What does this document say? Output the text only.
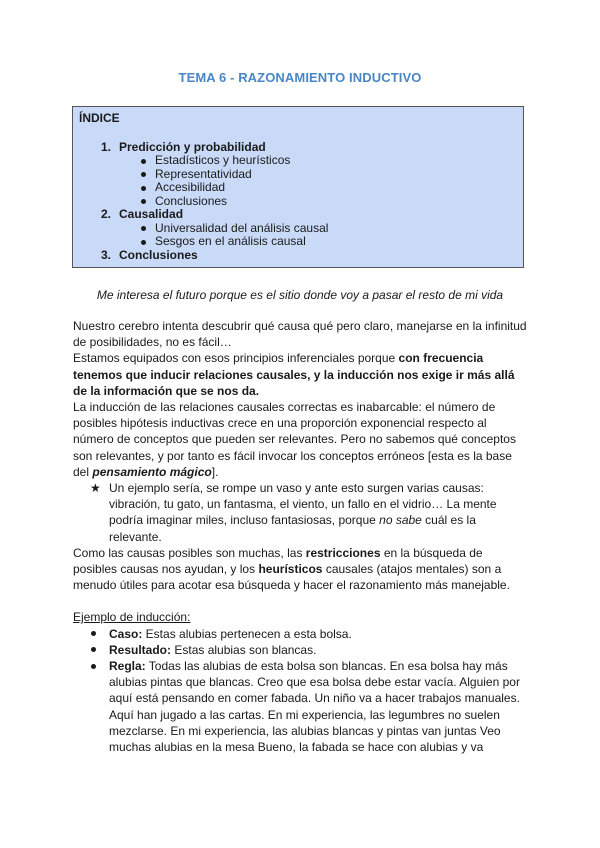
TEMA 6 - RAZONAMIENTO INDUCTIVO
ÍNDICE
1. Predicción y probabilidad
Estadísticos y heurísticos
Representatividad
Accesibilidad
Conclusiones
2. Causalidad
Universalidad del análisis causal
Sesgos en el análisis causal
3. Conclusiones
Me interesa el futuro porque es el sitio donde voy a pasar el resto de mi vida

Nuestro cerebro intenta descubrir qué causa qué pero claro, manejarse en la infinitud de posibilidades, no es fácil…

Estamos equipados con esos principios inferenciales porque con frecuencia tenemos que inducir relaciones causales, y la inducción nos exige ir más allá de la información que se nos da.

La inducción de las relaciones causales correctas es inabarcable: el número de posibles hipótesis inductivas crece en una proporción exponencial respecto al número de conceptos que pueden ser relevantes. Pero no sabemos qué conceptos son relevantes, y por tanto es fácil invocar los conceptos erróneos [esta es la base del pensamiento mágico].

★ Un ejemplo sería, se rompe un vaso y ante esto surgen varias causas: vibración, tu gato, un fantasma, el viento, un fallo en el vidrio… La mente podría imaginar miles, incluso fantasiosas, porque no sabe cuál es la relevante.

Como las causas posibles son muchas, las restricciones en la búsqueda de posibles causas nos ayudan, y los heurísticos causales (atajos mentales) son a menudo útiles para acotar esa búsqueda y hacer el razonamiento más manejable.

Ejemplo de inducción:

Caso: Estas alubias pertenecen a esta bolsa.

Resultado: Estas alubias son blancas.

Regla: Todas las alubias de esta bolsa son blancas. En esa bolsa hay más alubias pintas que blancas. Creo que esa bolsa debe estar vacía. Alguien por aquí está pensando en comer fabada. Un niño va a hacer trabajos manuales. Aquí han jugado a las cartas. En mi experiencia, las legumbres no suelen mezclarse. En mi experiencia, las alubias blancas y pintas van juntas Veo muchas alubias en la mesa Bueno, la fabada se hace con alubias y va
